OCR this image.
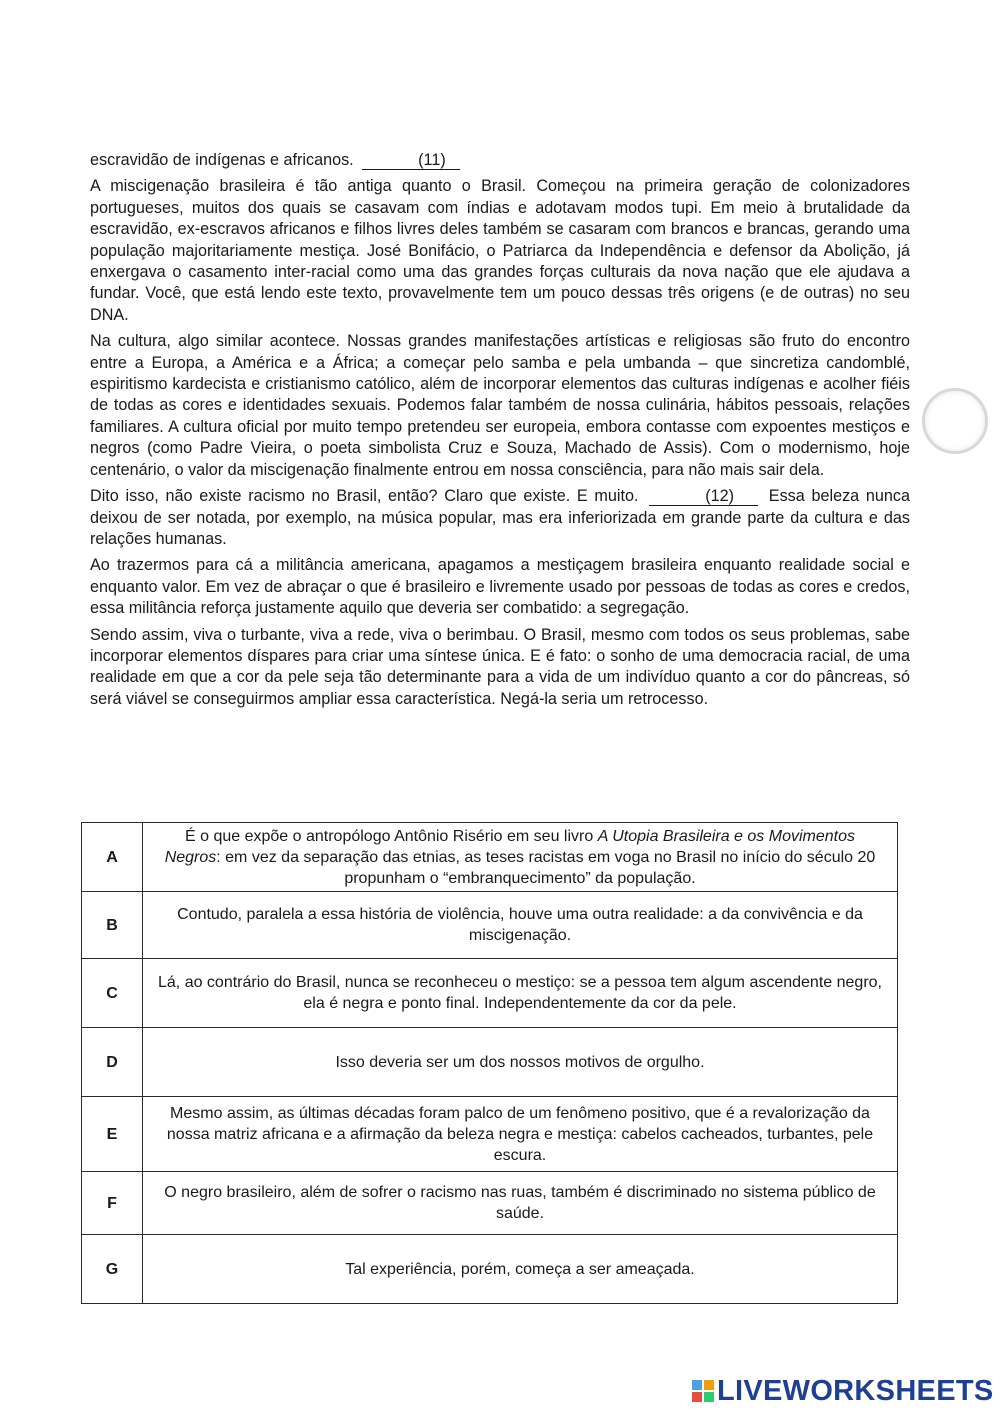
escravidão de indígenas e africanos.	(11)

A miscigenação brasileira é tão antiga quanto o Brasil. Começou na primeira geração de colonizadores portugueses, muitos dos quais se casavam com índias e adotavam modos tupi. Em meio à brutalidade da escravidão, ex-escravos africanos e filhos livres deles também se casaram com brancos e brancas, gerando uma população majoritariamente mestiça. José Bonifácio, o Patriarca da Independência e defensor da Abolição, já enxergava o casamento inter-racial como uma das grandes forças culturais da nova nação que ele ajudava a fundar. Você, que está lendo este texto, provavelmente tem um pouco dessas três origens (e de outras) no seu DNA.

Na cultura, algo similar acontece. Nossas grandes manifestações artísticas e religiosas são fruto do encontro entre a Europa, a América e a África; a começar pelo samba e pela umbanda – que sincretiza candomblé, espiritismo kardecista e cristianismo católico, além de incorporar elementos das culturas indígenas e acolher fiéis de todas as cores e identidades sexuais. Podemos falar também de nossa culinária, hábitos pessoais, relações familiares. A cultura oficial por muito tempo pretendeu ser europeia, embora contasse com expoentes mestiços e negros (como Padre Vieira, o poeta simbolista Cruz e Souza, Machado de Assis). Com o modernismo, hoje centenário, o valor da miscigenação finalmente entrou em nossa consciência, para não mais sair dela.

Dito isso, não existe racismo no Brasil, então? Claro que existe. E muito.	(12) Essa beleza nunca deixou de ser notada, por exemplo, na música popular, mas era inferiorizada em grande parte da cultura e das relações humanas.

Ao trazermos para cá a militância americana, apagamos a mestiçagem brasileira enquanto realidade social e enquanto valor. Em vez de abraçar o que é brasileiro e livremente usado por pessoas de todas as cores e credos, essa militância reforça justamente aquilo que deveria ser combatido: a segregação.

Sendo assim, viva o turbante, viva a rede, viva o berimbau. O Brasil, mesmo com todos os seus problemas, sabe incorporar elementos díspares para criar uma síntese única. E é fato: o sonho de uma democracia racial, de uma realidade em que a cor da pele seja tão determinante para a vida de um indivíduo quanto a cor do pâncreas, só será viável se conseguirmos ampliar essa característica. Negá-la seria um retrocesso.

A	É o que expõe o antropólogo Antônio Risério em seu livro A Utopia Brasileira e os Movimentos Negros: em vez da separação das etnias, as teses racistas em voga no Brasil no início do século 20 propunham o “embranquecimento” da população.
B	Contudo, paralela a essa história de violência, houve uma outra realidade: a da convivência e da miscigenação.
C	Lá, ao contrário do Brasil, nunca se reconheceu o mestiço: se a pessoa tem algum ascendente negro, ela é negra e ponto final. Independentemente da cor da pele.
D	Isso deveria ser um dos nossos motivos de orgulho.
E	Mesmo assim, as últimas décadas foram palco de um fenômeno positivo, que é a revalorização da nossa matriz africana e a afirmação da beleza negra e mestiça: cabelos cacheados, turbantes, pele escura.
F	O negro brasileiro, além de sofrer o racismo nas ruas, também é discriminado no sistema público de saúde.
G	Tal experiência, porém, começa a ser ameaçada.
LIVEWORKSHEETS
